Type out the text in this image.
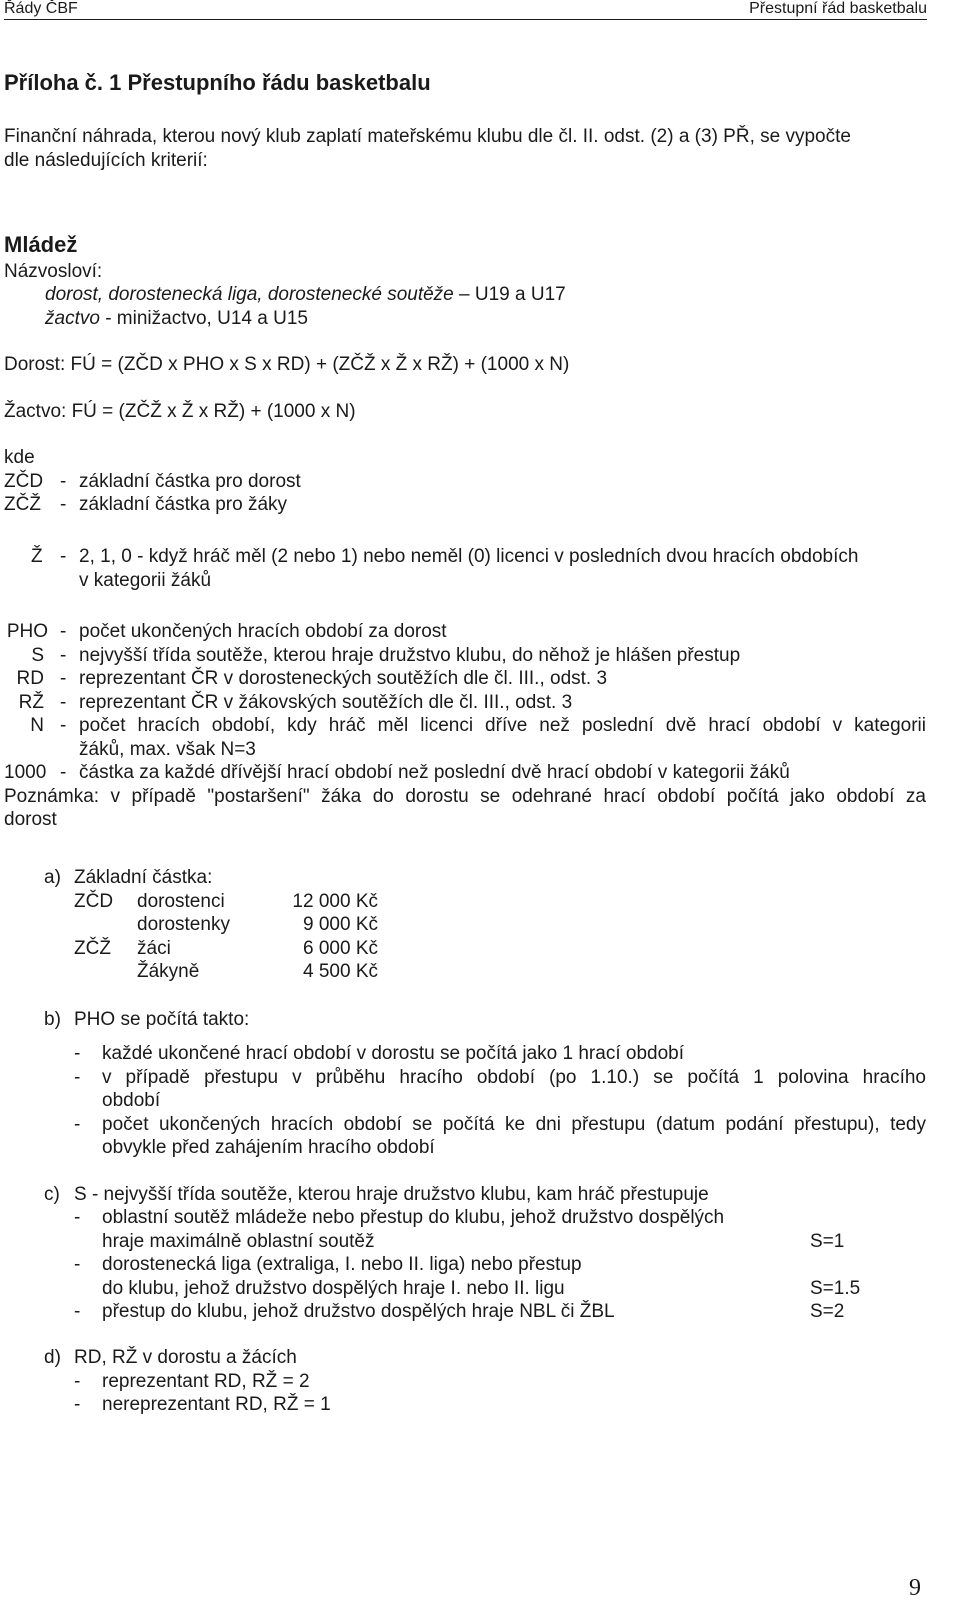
Řády ČBF	Přestupní řád basketbalu
Příloha č. 1 Přestupního řádu basketbalu
Finanční náhrada, kterou nový klub zaplatí mateřskému klubu dle čl. II. odst. (2) a (3) PŘ, se vypočte
dle následujících kriterií:
Mládež
Názvosloví:
dorost, dorostenecká liga, dorostenecké soutěže – U19 a U17
žactvo - minižactvo, U14 a U15
Dorost: FÚ = (ZČD x PHO x S x RD) + (ZČŽ x Ž x RŽ) + (1000 x N)
Žactvo: FÚ = (ZČŽ x Ž x RŽ) + (1000 x N)
kde
ZČD - základní částka pro dorost
ZČŽ - základní částka pro žáky
Ž - 2, 1, 0 - když hráč měl (2 nebo 1) nebo neměl (0) licenci v posledních dvou hracích obdobích
v kategorii žáků
PHO - počet ukončených hracích období za dorost
S - nejvyšší třída soutěže, kterou hraje družstvo klubu, do něhož je hlášen přestup
RD - reprezentant ČR v dorosteneckých soutěžích dle čl. III., odst. 3
RŽ - reprezentant ČR v žákovských soutěžích dle čl. III., odst. 3
N - počet hracích období, kdy hráč měl licenci dříve než poslední dvě hrací období v kategorii
žáků, max. však N=3
1000 - částka za každé dřívější hrací období než poslední dvě hrací období v kategorii žáků
Poznámka: v případě "postaršení" žáka do dorostu se odehrané hrací období počítá jako období za
dorost
a) Základní částka:
ZČD dorostenci	12 000 Kč
dorostenky	9 000 Kč
ZČŽ žáci	6 000 Kč
Žákyně	4 500 Kč
b) PHO se počítá takto:
- každé ukončené hrací období v dorostu se počítá jako 1 hrací období
- v případě přestupu v průběhu hracího období (po 1.10.) se počítá 1 polovina hracího
období
- počet ukončených hracích období se počítá ke dni přestupu (datum podání přestupu), tedy
obvykle před zahájením hracího období
c) S - nejvyšší třída soutěže, kterou hraje družstvo klubu, kam hráč přestupuje
- oblastní soutěž mládeže nebo přestup do klubu, jehož družstvo dospělých
hraje maximálně oblastní soutěž	S=1
- dorostenecká liga (extraliga, I. nebo II. liga) nebo přestup
do klubu, jehož družstvo dospělých hraje I. nebo II. ligu	S=1.5
- přestup do klubu, jehož družstvo dospělých hraje NBL či ŽBL	S=2
d) RD, RŽ v dorostu a žácích
- reprezentant RD, RŽ = 2
- nereprezentant RD, RŽ = 1
9
